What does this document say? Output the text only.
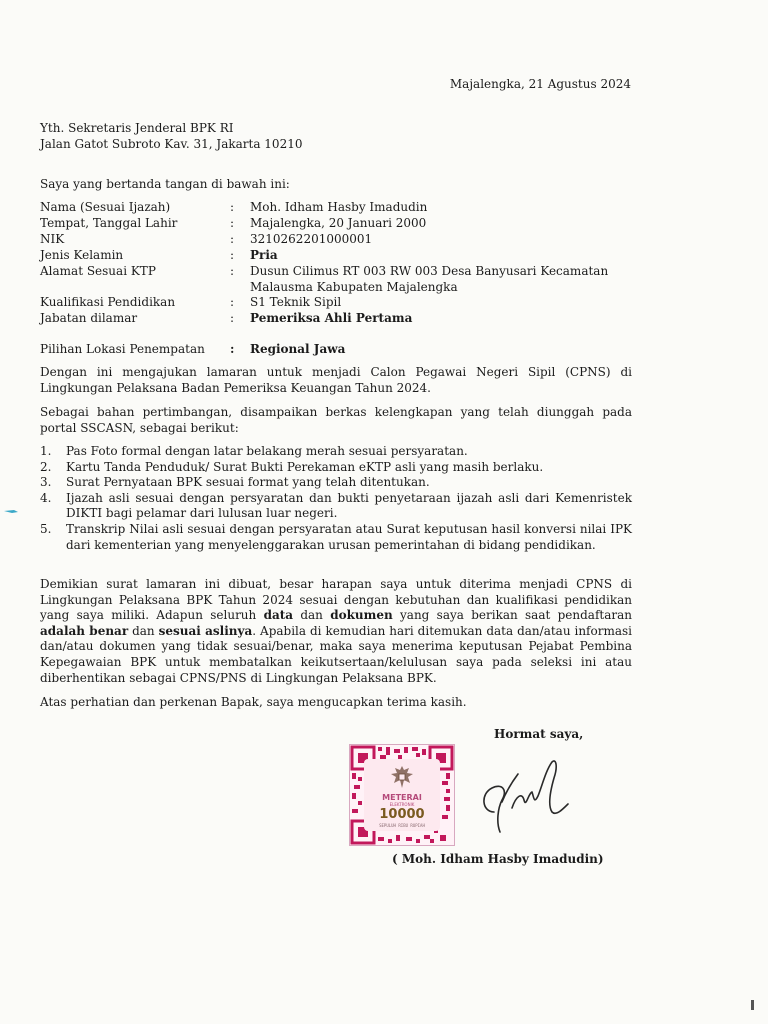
Majalengka, 21 Agustus 2024
Yth. Sekretaris Jenderal BPK RI
Jalan Gatot Subroto Kav. 31, Jakarta 10210
Saya yang bertanda tangan di bawah ini:
Nama (Sesuai Ijazah)	: Moh. Idham Hasby Imadudin
Tempat, Tanggal Lahir	: Majalengka, 20 Januari 2000
NIK	: 3210262201000001
Jenis Kelamin	: Pria
Alamat Sesuai KTP	: Dusun Cilimus RT 003 RW 003 Desa Banyusari Kecamatan
Malausma Kabupaten Majalengka
Kualifikasi Pendidikan	: S1 Teknik Sipil
Jabatan dilamar	: Pemeriksa Ahli Pertama
Pilihan Lokasi Penempatan	: Regional Jawa
Dengan ini mengajukan lamaran untuk menjadi Calon Pegawai Negeri Sipil (CPNS) di Lingkungan Pelaksana Badan Pemeriksa Keuangan Tahun 2024.
Sebagai bahan pertimbangan, disampaikan berkas kelengkapan yang telah diunggah pada portal SSCASN, sebagai berikut:
1. Pas Foto formal dengan latar belakang merah sesuai persyaratan.
2. Kartu Tanda Penduduk/ Surat Bukti Perekaman eKTP asli yang masih berlaku.
3. Surat Pernyataan BPK sesuai format yang telah ditentukan.
4. Ijazah asli sesuai dengan persyaratan dan bukti penyetaraan ijazah asli dari Kemenristek DIKTI bagi pelamar dari lulusan luar negeri.
5. Transkrip Nilai asli sesuai dengan persyaratan atau Surat keputusan hasil konversi nilai IPK dari kementerian yang menyelenggarakan urusan pemerintahan di bidang pendidikan.
Demikian surat lamaran ini dibuat, besar harapan saya untuk diterima menjadi CPNS di Lingkungan Pelaksana BPK Tahun 2024 sesuai dengan kebutuhan dan kualifikasi pendidikan yang saya miliki. Adapun seluruh data dan dokumen yang saya berikan saat pendaftaran adalah benar dan sesuai aslinya. Apabila di kemudian hari ditemukan data dan/atau informasi dan/atau dokumen yang tidak sesuai/benar, maka saya menerima keputusan Pejabat Pembina Kepegawaian BPK untuk membatalkan keikutsertaan/kelulusan saya pada seleksi ini atau diberhentikan sebagai CPNS/PNS di Lingkungan Pelaksana BPK.
Atas perhatian dan perkenan Bapak, saya mengucapkan terima kasih.
Hormat saya,
METERAI
ELEKTRONIK
10000
SEPULUH RIBU RUPIAH
( Moh. Idham Hasby Imadudin)
